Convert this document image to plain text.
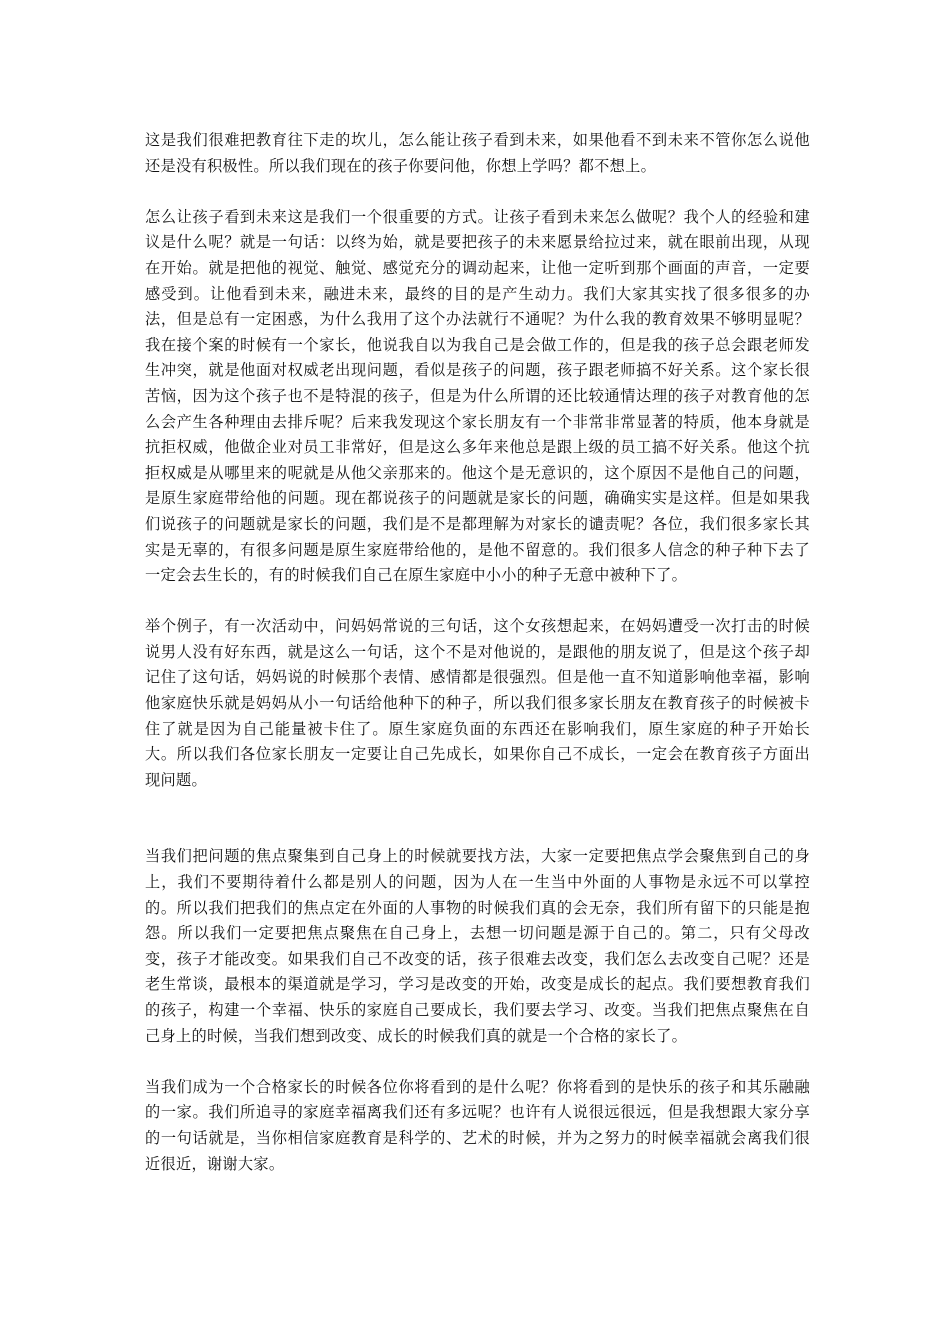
这是我们很难把教育往下走的坎儿，怎么能让孩子看到未来，如果他看不到未来不管你怎么说他还是没有积极性。所以我们现在的孩子你要问他，你想上学吗？都不想上。

怎么让孩子看到未来这是我们一个很重要的方式。让孩子看到未来怎么做呢？我个人的经验和建议是什么呢？就是一句话：以终为始，就是要把孩子的未来愿景给拉过来，就在眼前出现，从现在开始。就是把他的视觉、触觉、感觉充分的调动起来，让他一定听到那个画面的声音，一定要感受到。让他看到未来，融进未来，最终的目的是产生动力。我们大家其实找了很多很多的办法，但是总有一定困惑，为什么我用了这个办法就行不通呢？为什么我的教育效果不够明显呢？我在接个案的时候有一个家长，他说我自以为我自己是会做工作的，但是我的孩子总会跟老师发生冲突，就是他面对权威老出现问题，看似是孩子的问题，孩子跟老师搞不好关系。这个家长很苦恼，因为这个孩子也不是特混的孩子，但是为什么所谓的还比较通情达理的孩子对教育他的怎么会产生各种理由去排斥呢？后来我发现这个家长朋友有一个非常非常显著的特质，他本身就是抗拒权威，他做企业对员工非常好，但是这么多年来他总是跟上级的员工搞不好关系。他这个抗拒权威是从哪里来的呢就是从他父亲那来的。他这个是无意识的，这个原因不是他自己的问题，是原生家庭带给他的问题。现在都说孩子的问题就是家长的问题，确确实实是这样。但是如果我们说孩子的问题就是家长的问题，我们是不是都理解为对家长的谴责呢？各位，我们很多家长其实是无辜的，有很多问题是原生家庭带给他的，是他不留意的。我们很多人信念的种子种下去了一定会去生长的，有的时候我们自己在原生家庭中小小的种子无意中被种下了。

举个例子，有一次活动中，问妈妈常说的三句话，这个女孩想起来，在妈妈遭受一次打击的时候说男人没有好东西，就是这么一句话，这个不是对他说的，是跟他的朋友说了，但是这个孩子却记住了这句话，妈妈说的时候那个表情、感情都是很强烈。但是他一直不知道影响他幸福，影响他家庭快乐就是妈妈从小一句话给他种下的种子，所以我们很多家长朋友在教育孩子的时候被卡住了就是因为自己能量被卡住了。原生家庭负面的东西还在影响我们，原生家庭的种子开始长大。所以我们各位家长朋友一定要让自己先成长，如果你自己不成长，一定会在教育孩子方面出现问题。

当我们把问题的焦点聚集到自己身上的时候就要找方法，大家一定要把焦点学会聚焦到自己的身上，我们不要期待着什么都是别人的问题，因为人在一生当中外面的人事物是永远不可以掌控的。所以我们把我们的焦点定在外面的人事物的时候我们真的会无奈，我们所有留下的只能是抱怨。所以我们一定要把焦点聚焦在自己身上，去想一切问题是源于自己的。第二，只有父母改变，孩子才能改变。如果我们自己不改变的话，孩子很难去改变，我们怎么去改变自己呢？还是老生常谈，最根本的渠道就是学习，学习是改变的开始，改变是成长的起点。我们要想教育我们的孩子，构建一个幸福、快乐的家庭自己要成长，我们要去学习、改变。当我们把焦点聚焦在自己身上的时候，当我们想到改变、成长的时候我们真的就是一个合格的家长了。

当我们成为一个合格家长的时候各位你将看到的是什么呢？你将看到的是快乐的孩子和其乐融融的一家。我们所追寻的家庭幸福离我们还有多远呢？也许有人说很远很远，但是我想跟大家分享的一句话就是，当你相信家庭教育是科学的、艺术的时候，并为之努力的时候幸福就会离我们很近很近，谢谢大家。
